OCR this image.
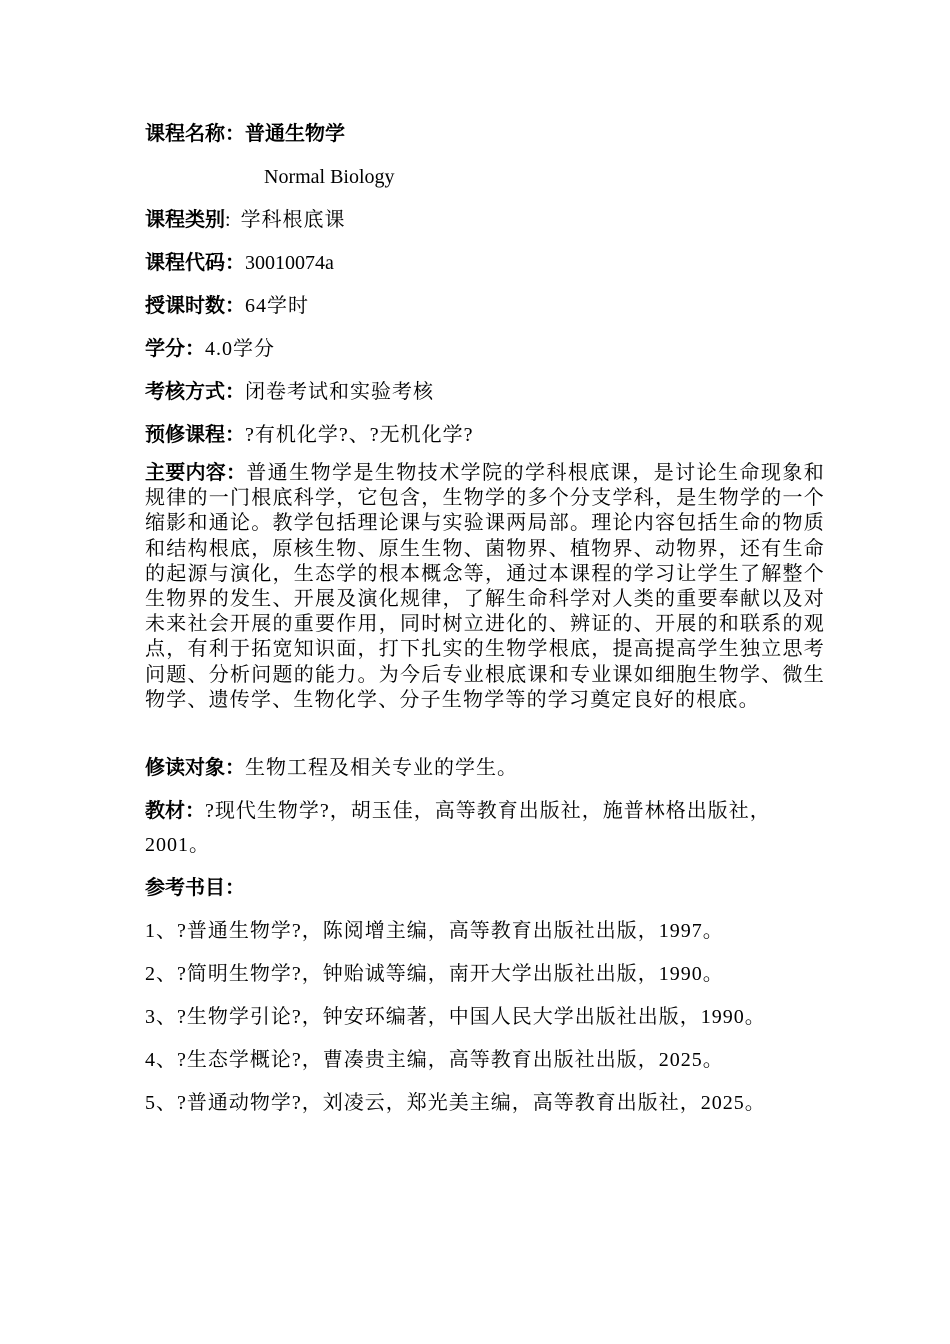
课程名称：普通生物学
Normal Biology
课程类别: 学科根底课
课程代码：30010074a
授课时数：64学时
学分：4.0学分
考核方式：闭卷考试和实验考核
预修课程：?有机化学?、?无机化学?
主要内容：普通生物学是生物技术学院的学科根底课，是讨论生命现象和规律的一门根底科学，它包含，生物学的多个分支学科，是生物学的一个缩影和通论。教学包括理论课与实验课两局部。理论内容包括生命的物质和结构根底，原核生物、原生生物、菌物界、植物界、动物界，还有生命的起源与演化，生态学的根本概念等，通过本课程的学习让学生了解整个生物界的发生、开展及演化规律，了解生命科学对人类的重要奉献以及对未来社会开展的重要作用，同时树立进化的、辨证的、开展的和联系的观点，有利于拓宽知识面，打下扎实的生物学根底，提高提高学生独立思考问题、分析问题的能力。为今后专业根底课和专业课如细胞生物学、微生物学、遗传学、生物化学、分子生物学等的学习奠定良好的根底。
修读对象：生物工程及相关专业的学生。
教材：?现代生物学?，胡玉佳，高等教育出版社，施普林格出版社，2001。
参考书目：
1、?普通生物学?，陈阅增主编，高等教育出版社出版，1997。
2、?简明生物学?，钟贻诚等编，南开大学出版社出版，1990。
3、?生物学引论?，钟安环编著，中国人民大学出版社出版，1990。
4、?生态学概论?，曹凑贵主编，高等教育出版社出版，2025。
5、?普通动物学?，刘凌云，郑光美主编，高等教育出版社，2025。
